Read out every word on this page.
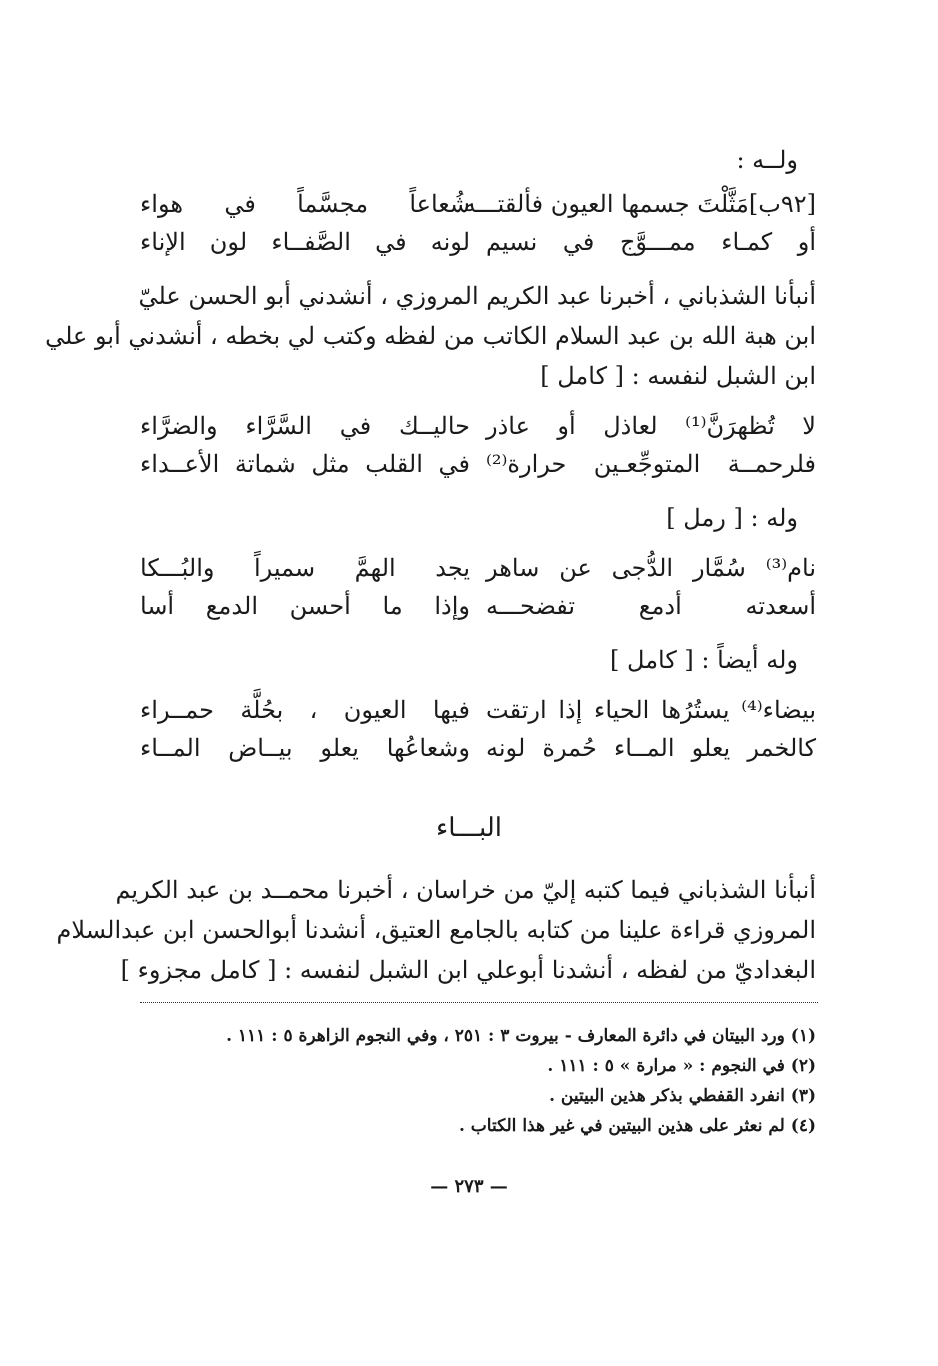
ولــه :
[٩٢ب]مَثَّلْتَ جسمها العيون فألقتـــه
شُعاعاً مجسَّماً في هواء
أو كمـاء ممـــوَّج في نسيم
لونه في الصَّفــاء لون الإناء
أنبأنا الشذباني ، أخبرنا عبد الكريم المروزي ، أنشدني أبو الحسن عليّ
ابن هبة الله بن عبد السلام الكاتب من لفظه وكتب لي بخطه ، أنشدني أبو علي
ابن الشبل لنفسه : [ كامل ]
لا تُظهرَنَّ⁽¹⁾ لعاذل أو عاذر
حاليــك في السَّرَّاء والضرَّاء
فلرحمــة المتوجِّعـين حرارة⁽²⁾
في القلب مثل شماتة الأعــداء
وله : [ رمل ]
نام⁽³⁾ سُمَّار الدُّجى عن ساهر
يجد الهمَّ سميراً والبُـــكا
أسعدته أدمع تفضحـــه
وإذا ما أحسن الدمع أسا
وله أيضاً : [ كامل ]
بيضاء⁽⁴⁾ يستُرُها الحياء إذا ارتقت
فيها العيون ، بحُلَّة حمــراء
كالخمر يعلو المــاء حُمرة لونه
وشعاعُها يعلو بيــاض المــاء
البـــاء
أنبأنا الشذباني فيما كتبه إليّ من خراسان ، أخبرنا محمــد بن عبد الكريم
المروزي قراءة علينا من كتابه بالجامع العتيق، أنشدنا أبوالحسن ابن عبدالسلام
البغداديّ من لفظه ، أنشدنا أبوعلي ابن الشبل لنفسه : [ كامل مجزوء ]
(١) ورد البيتان في دائرة المعارف - بيروت ٣ : ٢٥١ ، وفي النجوم الزاهرة ٥ : ١١١ .
(٢) في النجوم : « مرارة » ٥ : ١١١ .
(٣) انفرد القفطي بذكر هذين البيتين .
(٤) لم نعثر على هذين البيتين في غير هذا الكتاب .
— ٢٧٣ —
